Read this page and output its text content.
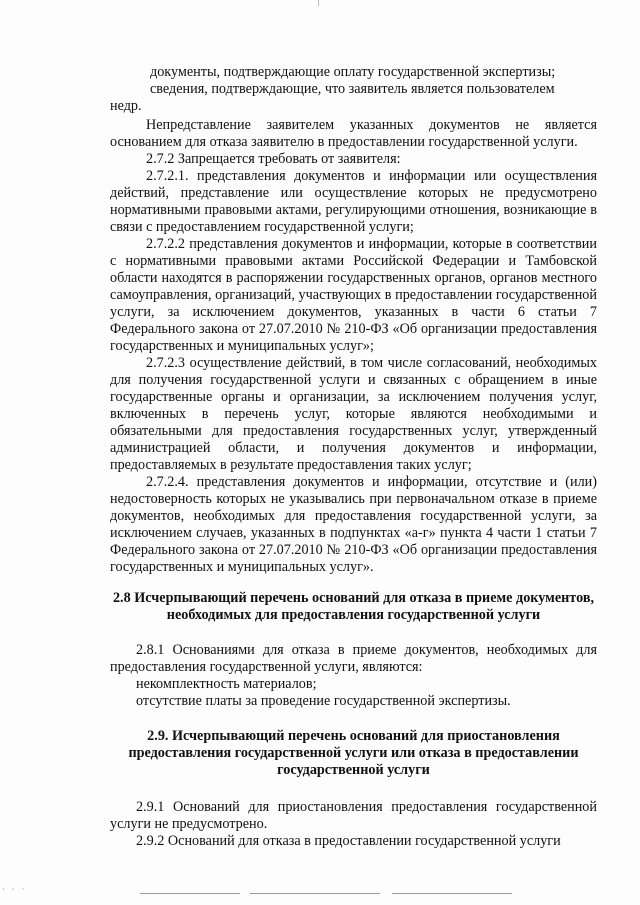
документы, подтверждающие оплату государственной экспертизы;

сведения, подтверждающие, что заявитель является пользователем

недр.

Непредставление заявителем указанных документов не является основанием для отказа заявителю в предоставлении государственной услуги.

2.7.2 Запрещается требовать от заявителя:

2.7.2.1. представления документов и информации или осуществления действий, представление или осуществление которых не предусмотрено нормативными правовыми актами, регулирующими отношения, возникающие в связи с предоставлением государственной услуги;

2.7.2.2 представления документов и информации, которые в соответствии с нормативными правовыми актами Российской Федерации и Тамбовской области находятся в распоряжении государственных органов, органов местного самоуправления, организаций, участвующих в предоставлении государственной услуги, за исключением документов, указанных в части 6 статьи 7 Федерального закона от 27.07.2010 № 210-ФЗ «Об организации предоставления государственных и муниципальных услуг»;

2.7.2.3 осуществление действий, в том числе согласований, необходимых для получения государственной услуги и связанных с обращением в иные государственные органы и организации, за исключением получения услуг, включенных в перечень услуг, которые являются необходимыми и обязательными для предоставления государственных услуг, утвержденный администрацией области, и получения документов и информации, предоставляемых в результате предоставления таких услуг;

2.7.2.4. представления документов и информации, отсутствие и (или) недостоверность которых не указывались при первоначальном отказе в приеме документов, необходимых для предоставления государственной услуги, за исключением случаев, указанных в подпунктах «а-г» пункта 4 части 1 статьи 7 Федерального закона от 27.07.2010 № 210-ФЗ «Об организации предоставления государственных и муниципальных услуг».

2.8 Исчерпывающий перечень оснований для отказа в приеме документов, необходимых для предоставления государственной услуги

2.8.1 Основаниями для отказа в приеме документов, необходимых для предоставления государственной услуги, являются:

некомплектность материалов;

отсутствие платы за проведение государственной экспертизы.

2.9. Исчерпывающий перечень оснований для приостановления предоставления государственной услуги или отказа в предоставлении государственной услуги

2.9.1 Оснований для приостановления предоставления государственной услуги не предусмотрено.

2.9.2 Оснований для отказа в предоставлении государственной услуги

· · ·
